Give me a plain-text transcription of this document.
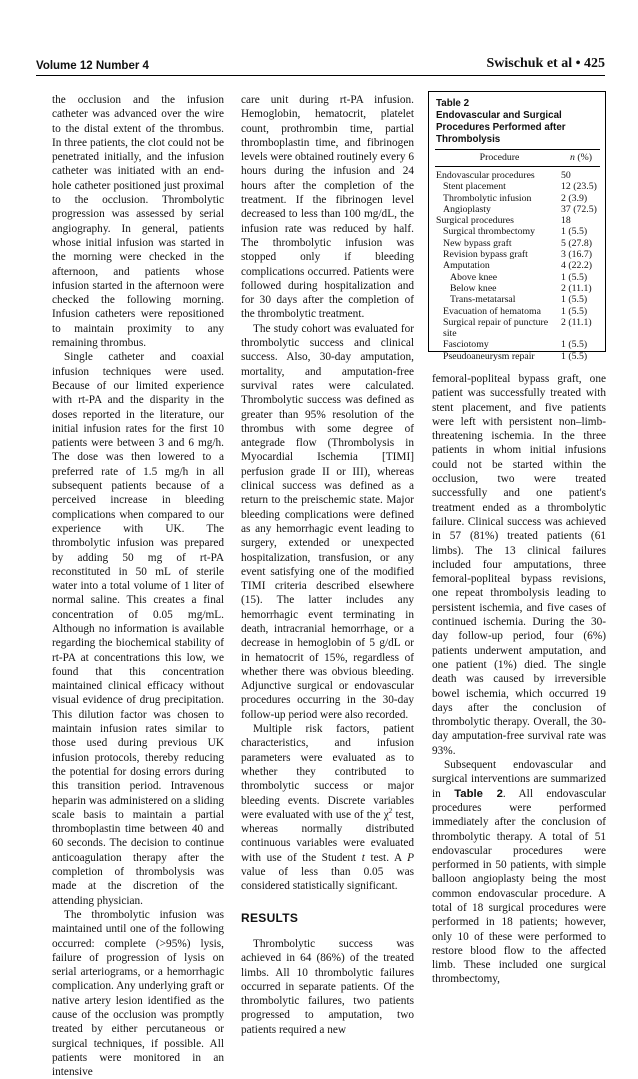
Volume 12 Number 4	Swischuk et al • 425

the occlusion and the infusion catheter was advanced over the wire to the distal extent of the thrombus. In three patients, the clot could not be penetrated initially, and the infusion catheter was initiated with an end-hole catheter positioned just proximal to the occlusion. Thrombolytic progression was assessed by serial angiography. In general, patients whose initial infusion was started in the morning were checked in the afternoon, and patients whose infusion started in the afternoon were checked the following morning. Infusion catheters were repositioned to maintain proximity to any remaining thrombus.

Single catheter and coaxial infusion techniques were used. Because of our limited experience with rt-PA and the disparity in the doses reported in the literature, our initial infusion rates for the first 10 patients were between 3 and 6 mg/h. The dose was then lowered to a preferred rate of 1.5 mg/h in all subsequent patients because of a perceived increase in bleeding complications when compared to our experience with UK. The thrombolytic infusion was prepared by adding 50 mg of rt-PA reconstituted in 50 mL of sterile water into a total volume of 1 liter of normal saline. This creates a final concentration of 0.05 mg/mL. Although no information is available regarding the biochemical stability of rt-PA at concentrations this low, we found that this concentration maintained clinical efficacy without visual evidence of drug precipitation. This dilution factor was chosen to maintain infusion rates similar to those used during previous UK infusion protocols, thereby reducing the potential for dosing errors during this transition period. Intravenous heparin was administered on a sliding scale basis to maintain a partial thromboplastin time between 40 and 60 seconds. The decision to continue anticoagulation therapy after the completion of thrombolysis was made at the discretion of the attending physician.

The thrombolytic infusion was maintained until one of the following occurred: complete (>95%) lysis, failure of progression of lysis on serial arteriograms, or a hemorrhagic complication. Any underlying graft or native artery lesion identified as the cause of the occlusion was promptly treated by either percutaneous or surgical techniques, if possible. All patients were monitored in an intensive

care unit during rt-PA infusion. Hemoglobin, hematocrit, platelet count, prothrombin time, partial thromboplastin time, and fibrinogen levels were obtained routinely every 6 hours during the infusion and 24 hours after the completion of the treatment. If the fibrinogen level decreased to less than 100 mg/dL, the infusion rate was reduced by half. The thrombolytic infusion was stopped only if bleeding complications occurred. Patients were followed during hospitalization and for 30 days after the completion of the thrombolytic treatment.

The study cohort was evaluated for thrombolytic success and clinical success. Also, 30-day amputation, mortality, and amputation-free survival rates were calculated. Thrombolytic success was defined as greater than 95% resolution of the thrombus with some degree of antegrade flow (Thrombolysis in Myocardial Ischemia [TIMI] perfusion grade II or III), whereas clinical success was defined as a return to the preischemic state. Major bleeding complications were defined as any hemorrhagic event leading to surgery, extended or unexpected hospitalization, transfusion, or any event satisfying one of the modified TIMI criteria described elsewhere (15). The latter includes any hemorrhagic event terminating in death, intracranial hemorrhage, or a decrease in hemoglobin of 5 g/dL or in hematocrit of 15%, regardless of whether there was obvious bleeding. Adjunctive surgical or endovascular procedures occurring in the 30-day follow-up period were also recorded.

Multiple risk factors, patient characteristics, and infusion parameters were evaluated as to whether they contributed to thrombolytic success or major bleeding events. Discrete variables were evaluated with use of the $\chi^2$ test, whereas normally distributed continuous variables were evaluated with use of the Student t test. A P value of less than 0.05 was considered statistically significant.

RESULTS

Thrombolytic success was achieved in 64 (86%) of the treated limbs. All 10 thrombolytic failures occurred in separate patients. Of the thrombolytic failures, two patients progressed to amputation, two patients required a new

Table 2
Endovascular and Surgical Procedures Performed after Thrombolysis
Procedure	n (%)
Endovascular procedures	50
Stent placement	12 (23.5)
Thrombolytic infusion	2 (3.9)
Angioplasty	37 (72.5)
Surgical procedures	18
Surgical thrombectomy	1 (5.5)
New bypass graft	5 (27.8)
Revision bypass graft	3 (16.7)
Amputation	4 (22.2)
Above knee	1 (5.5)
Below knee	2 (11.1)
Trans-metatarsal	1 (5.5)
Evacuation of hematoma	1 (5.5)
Surgical repair of puncture site
2 (11.1)
Fasciotomy	1 (5.5)
Pseudoaneurysm repair	1 (5.5)

femoral-popliteal bypass graft, one patient was successfully treated with stent placement, and five patients were left with persistent non–limb-threatening ischemia. In the three patients in whom initial infusions could not be started within the occlusion, two were treated successfully and one patient's treatment ended as a thrombolytic failure. Clinical success was achieved in 57 (81%) treated patients (61 limbs). The 13 clinical failures included four amputations, three femoral-popliteal bypass revisions, one repeat thrombolysis leading to persistent ischemia, and five cases of continued ischemia. During the 30-day follow-up period, four (6%) patients underwent amputation, and one patient (1%) died. The single death was caused by irreversible bowel ischemia, which occurred 19 days after the conclusion of thrombolytic therapy. Overall, the 30-day amputation-free survival rate was 93%.

Subsequent endovascular and surgical interventions are summarized in Table 2. All endovascular procedures were performed immediately after the conclusion of thrombolytic therapy. A total of 51 endovascular procedures were performed in 50 patients, with simple balloon angioplasty being the most common endovascular procedure. A total of 18 surgical procedures were performed in 18 patients; however, only 10 of these were performed to restore blood flow to the affected limb. These included one surgical thrombectomy,
